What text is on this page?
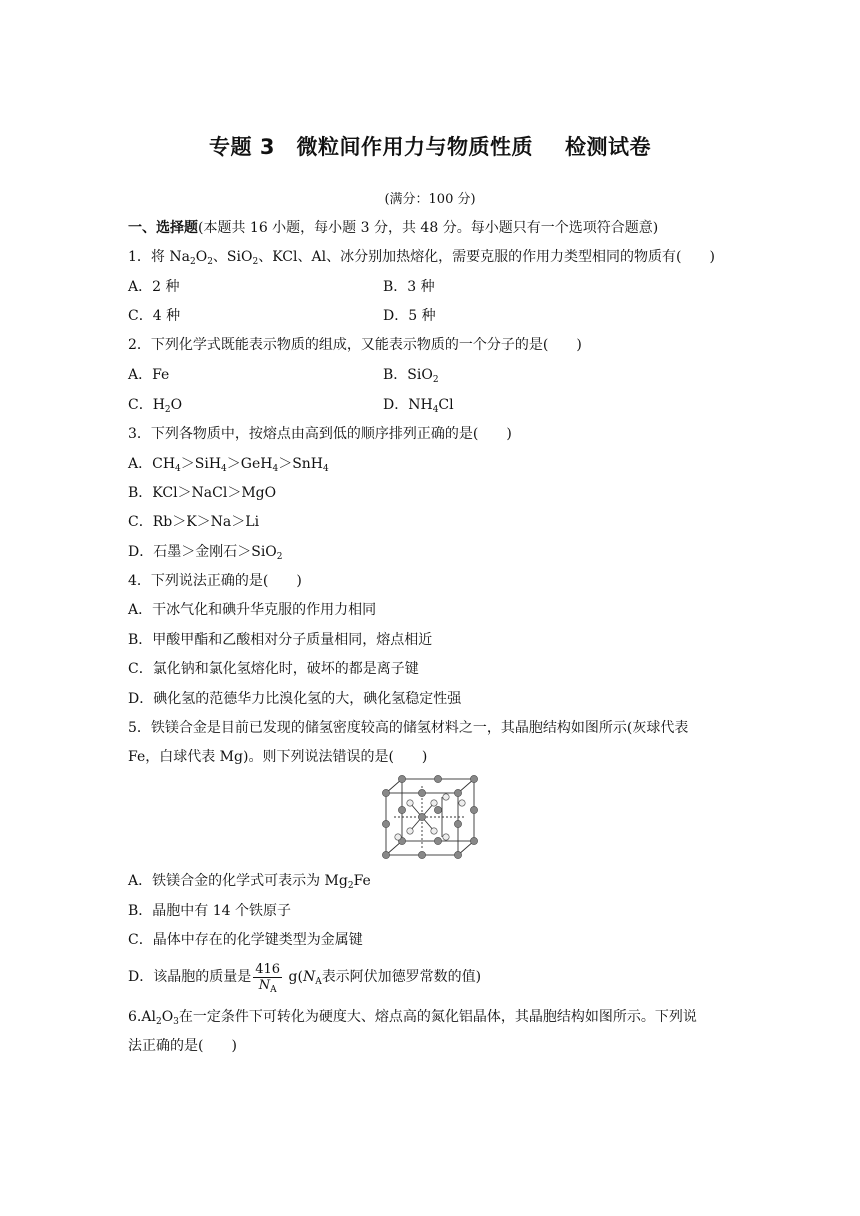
专题 3　微粒间作用力与物质性质 检测试卷
(满分：100 分)
一、选择题(本题共 16 小题，每小题 3 分，共 48 分。每小题只有一个选项符合题意)
1．将 $Na_2O_2$、SiO$_2$、KCl、Al、冰分别加热熔化，需要克服的作用力类型相同的物质有(　　)
A．2 种	B．3 种
C．4 种	D．5 种
2．下列化学式既能表示物质的组成，又能表示物质的一个分子的是(　　)
A．Fe	B．SiO$_2$
C．$H_2O$	D．$NH_4Cl$
3．下列各物质中，按熔点由高到低的顺序排列正确的是(　　)
A．$CH_4>SiH_4>GeH_4>SnH_4$
B．KCl＞NaCl＞MgO
C．Rb＞K＞Na＞Li
D．石墨＞金刚石＞SiO$_2$
4．下列说法正确的是(　　)
A．干冰气化和碘升华克服的作用力相同
B．甲酸甲酯和乙酸相对分子质量相同，熔点相近
C．氯化钠和氯化氢熔化时，破坏的都是离子键
D．碘化氢的范德华力比溴化氢的大，碘化氢稳定性强
5．铁镁合金是目前已发现的储氢密度较高的储氢材料之一，其晶胞结构如图所示(灰球代表
Fe，白球代表 Mg)。则下列说法错误的是(　　)
A．铁镁合金的化学式可表示为 $Mg_2Fe$
B．晶胞中有 14 个铁原子
C．晶体中存在的化学键类型为金属键
D．该晶胞的质量是 $\frac{416}{N_A} g(N_A$表示阿伏加德罗常数的值)
$6.Al_2O_3$在一定条件下可转化为硬度大、熔点高的氮化铝晶体，其晶胞结构如图所示。下列说
法正确的是(　　)
